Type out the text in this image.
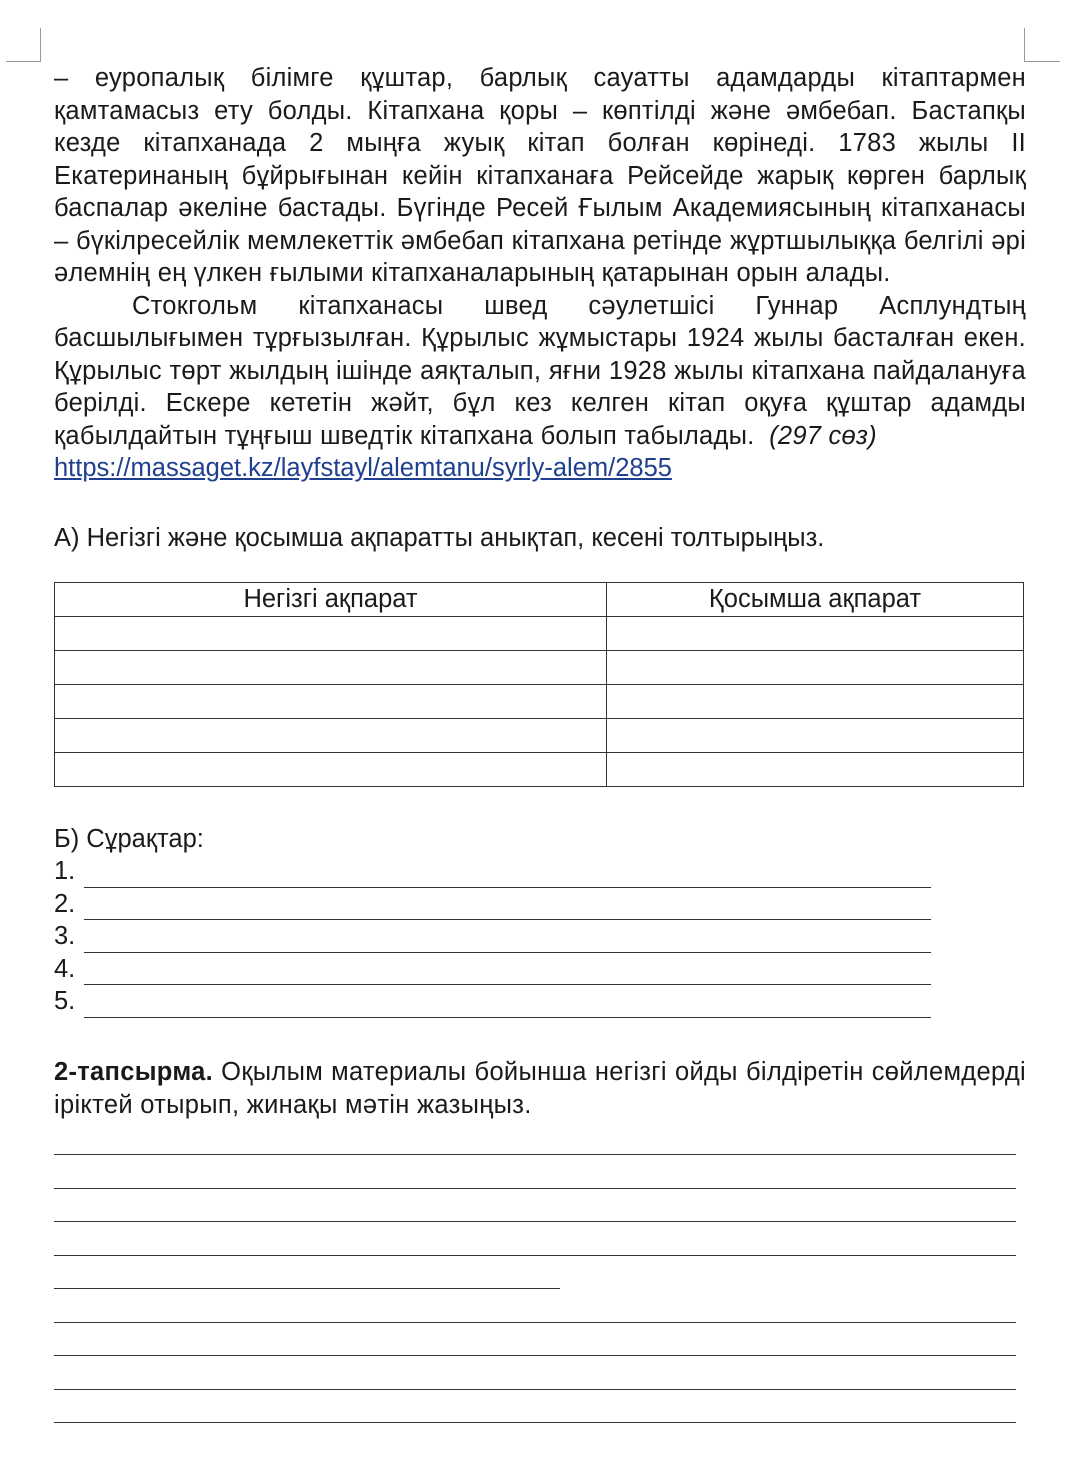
– еуропалық білімге құштар, барлық сауатты адамдарды кітаптармен қамтамасыз ету болды. Кітапхана қоры – көптілді және әмбебап. Бастапқы кезде кітапханада 2 мыңға жуық кітап болған көрінеді. 1783 жылы ІІ Екатеринаның бұйрығынан кейін кітапханаға Рейсейде жарық көрген барлық баспалар әкеліне бастады. Бүгінде Ресей Ғылым Академиясының кітапханасы – бүкілресейлік мемлекеттік әмбебап кітапхана ретінде жұртшылыққа белгілі әрі әлемнің ең үлкен ғылыми кітапханаларының қатарынан орын алады.

Стокгольм кітапханасы швед сәулетшісі Гуннар Асплундтың басшылығымен тұрғызылған. Құрылыс жұмыстары 1924 жылы басталған екен. Құрылыс төрт жылдың ішінде аяқталып, яғни 1928 жылы кітапхана пайдалануға берілді. Ескере кететін жәйт, бұл кез келген кітап оқуға құштар адамды қабылдайтын тұңғыш шведтік кітапхана болып табылады. (297 сөз)

https://massaget.kz/layfstayl/alemtanu/syrly-alem/2855

А) Негізгі және қосымша ақпаратты анықтап, кесені толтырыңыз.

Негізгі ақпарат	Қосымша ақпарат

Б) Сұрақтар:

1.
2.
3.
4.
5.

2-тапсырма. Оқылым материалы бойынша негізгі ойды білдіретін сөйлемдерді іріктей отырып, жинақы мәтін жазыңыз.
